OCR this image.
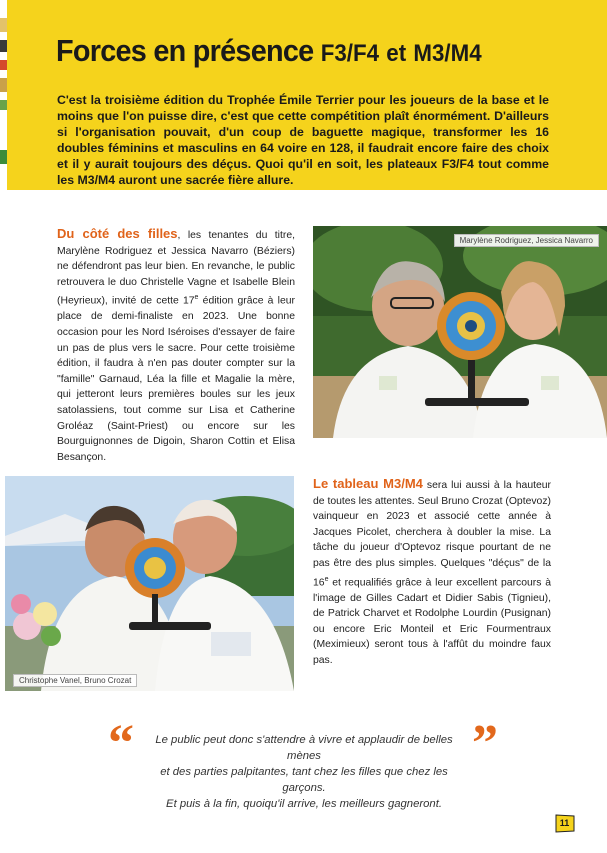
Forces en présence F3/F4 et M3/M4

C'est la troisième édition du Trophée Émile Terrier pour les joueurs de la base et le moins que l'on puisse dire, c'est que cette compétition plaît énormément. D'ailleurs si l'organisation pouvait, d'un coup de baguette magique, transformer les 16 doubles féminins et masculins en 64 voire en 128, il faudrait encore faire des choix et il y aurait toujours des déçus. Quoi qu'il en soit, les plateaux F3/F4 tout comme les M3/M4 auront une sacrée fière allure.

Du côté des filles, les tenantes du titre, Marylène Rodriguez et Jessica Navarro (Béziers) ne défendront pas leur bien. En revanche, le public retrouvera le duo Christelle Vagne et Isabelle Blein (Heyrieux), invité de cette 17e édition grâce à leur place de demi-finaliste en 2023. Une bonne occasion pour les Nord Iséroises d'essayer de faire un pas de plus vers le sacre. Pour cette troisième édition, il faudra à n'en pas douter compter sur la "famille" Garnaud, Léa la fille et Magalie la mère, qui jetteront leurs premières boules sur les jeux satolassiens, tout comme sur Lisa et Catherine Groléaz (Saint-Priest) ou encore sur les Bourguignonnes de Digoin, Sharon Cottin et Elisa Besançon.

Marylène Rodriguez, Jessica Navarro
Christophe Vanel, Bruno Crozat

Le tableau M3/M4 sera lui aussi à la hauteur de toutes les attentes. Seul Bruno Crozat (Optevoz) vainqueur en 2023 et associé cette année à Jacques Picolet, cherchera à doubler la mise. La tâche du joueur d'Optevoz risque pourtant de ne pas être des plus simples. Quelques "déçus" de la 16e et requalifiés grâce à leur excellent parcours à l'image de Gilles Cadart et Didier Sabis (Tignieu), de Patrick Charvet et Rodolphe Lourdin (Pusignan) ou encore Eric Monteil et Eric Fourmentraux (Meximieux) seront tous à l'affût du moindre faux pas.

“	Le public peut donc s'attendre à vivre et applaudir de belles mènes
et des parties palpitantes, tant chez les filles que chez les garçons.
Et puis à la fin, quoiqu'il arrive, les meilleurs gagneront.

”
11
